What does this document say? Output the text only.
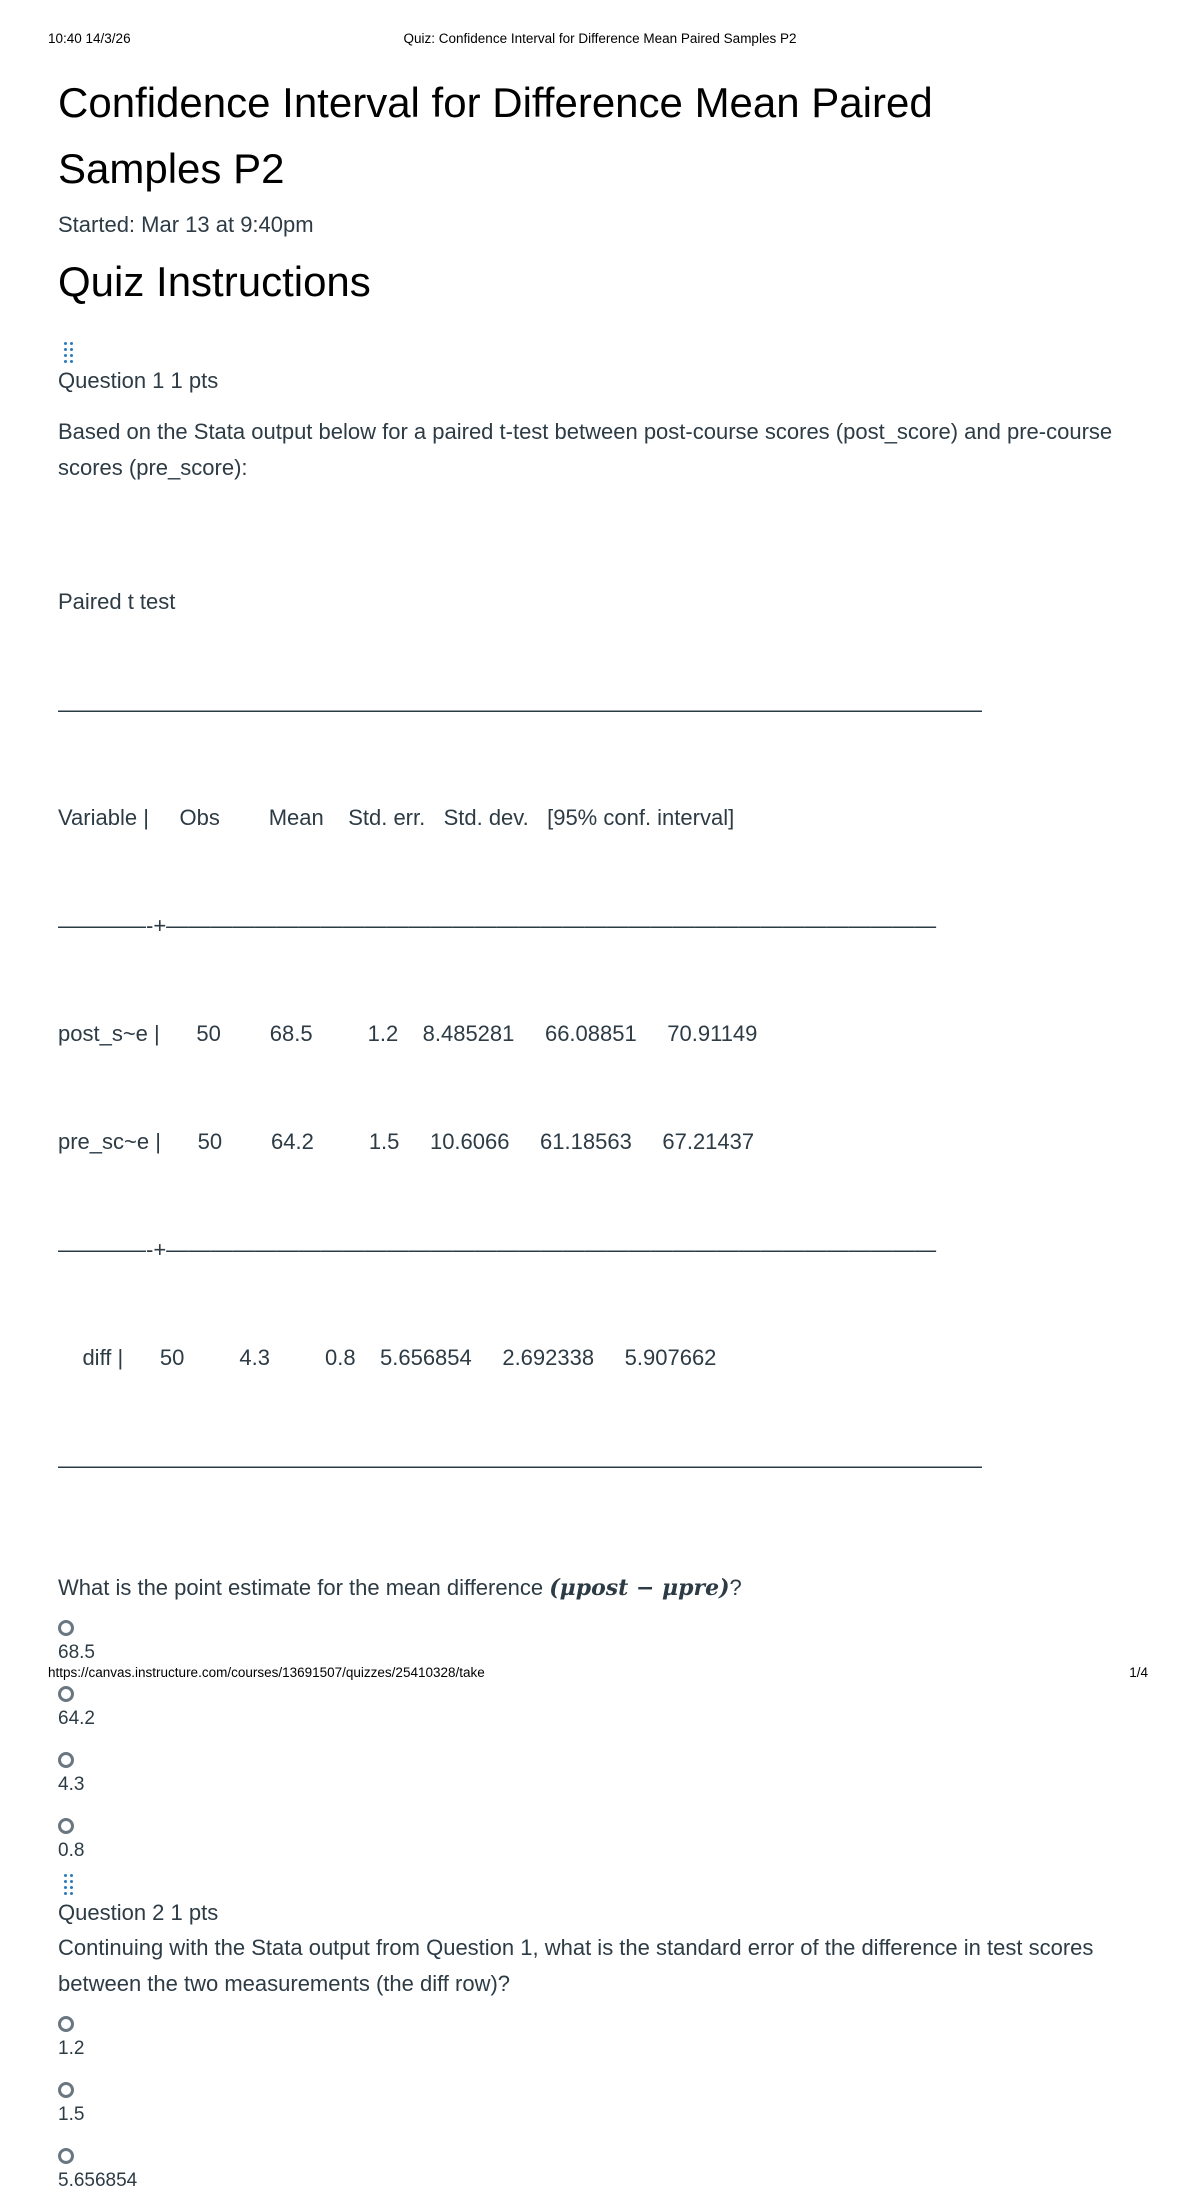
10:40 14/3/26	Quiz: Confidence Interval for Difference Mean Paired Samples P2
Confidence Interval for Difference Mean Paired Samples P2
Started: Mar 13 at 9:40pm
Quiz Instructions
Question 1 1 pts
Based on the Stata output below for a paired t-test between post-course scores (post_score) and pre-course scores (pre_score):

Paired t test

——————————————————————————————————————————

Variable |     Obs        Mean    Std. err.   Std. dev.   [95% conf. interval]

————-+———————————————————————————————————

post_s~e |      50        68.5         1.2    8.485281     66.08851     70.91149

pre_sc~e |      50        64.2         1.5     10.6066     61.18563     67.21437

————-+———————————————————————————————————

diff |      50         4.3         0.8    5.656854     2.692338     5.907662

——————————————————————————————————————————

What is the point estimate for the mean difference (μpost − μpre)?
68.5
64.2
4.3
0.8
Question 2 1 pts
Continuing with the Stata output from Question 1, what is the standard error of the difference in test scores between the two measurements (the diff row)?
1.2
1.5
5.656854
https://canvas.instructure.com/courses/13691507/quizzes/25410328/take	1/4
